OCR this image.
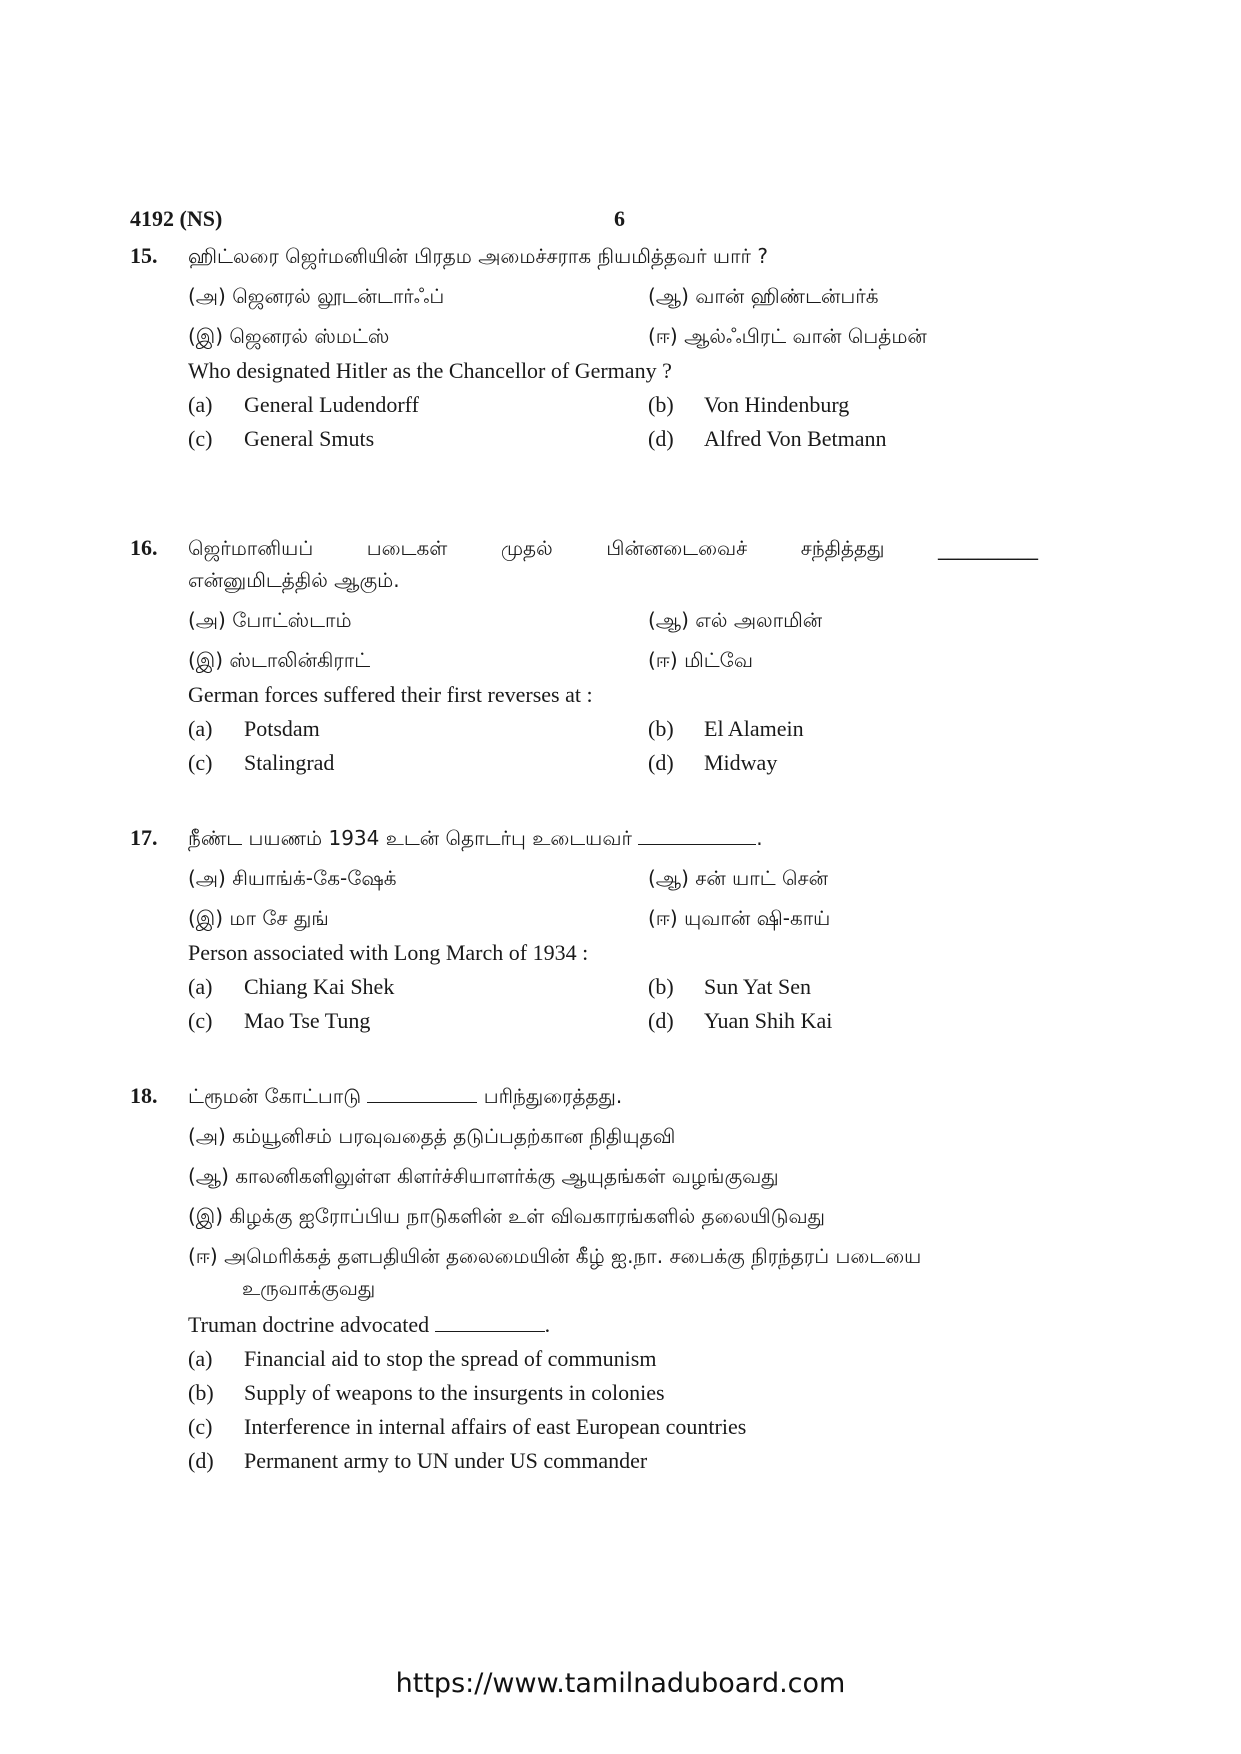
4192 (NS)	6
15. ஹிட்லரை ஜெர்மனியின் பிரதம அமைச்சராக நியமித்தவர் யார் ?
(அ) ஜெனரல் லூடன்டார்ஃப்	(ஆ) வான் ஹிண்டன்பர்க்
(இ) ஜெனரல் ஸ்மட்ஸ்	(ஈ) ஆல்ஃபிரட் வான் பெத்மன்
Who designated Hitler as the Chancellor of Germany ?
(a) General Ludendorff	(b) Von Hindenburg
(c) General Smuts	(d) Alfred Von Betmann
16. ஜெர்மானியப்	படைகள்	முதல்	பின்னடைவைச்	சந்தித்தது	__________
என்னுமிடத்தில் ஆகும்.
(அ) போட்ஸ்டாம்	(ஆ) எல் அலாமின்
(இ) ஸ்டாலின்கிராட்	(ஈ) மிட்வே
German forces suffered their first reverses at :
(a) Potsdam	(b) El Alamein
(c) Stalingrad	(d) Midway
17. நீண்ட பயணம் 1934 உடன் தொடர்பு உடையவர்	.
(அ) சியாங்க்-கே-ஷேக்	(ஆ) சன் யாட் சென்
(இ) மா சே துங்	(ஈ) யுவான் ஷி-காய்
Person associated with Long March of 1934 :
(a) Chiang Kai Shek	(b) Sun Yat Sen
(c) Mao Tse Tung	(d) Yuan Shih Kai
18. ட்ரூமன் கோட்பாடு	பரிந்துரைத்தது.
(அ) கம்யூனிசம் பரவுவதைத் தடுப்பதற்கான நிதியுதவி
(ஆ) காலனிகளிலுள்ள கிளர்ச்சியாளர்க்கு ஆயுதங்கள் வழங்குவது
(இ) கிழக்கு ஐரோப்பிய நாடுகளின் உள் விவகாரங்களில் தலையிடுவது
(ஈ) அமெரிக்கத் தளபதியின் தலைமையின் கீழ் ஐ.நா. சபைக்கு நிரந்தரப் படையை
உருவாக்குவது
Truman doctrine advocated	.
(a) Financial aid to stop the spread of communism
(b) Supply of weapons to the insurgents in colonies
(c) Interference in internal affairs of east European countries
(d) Permanent army to UN under US commander
https://www.tamilnaduboard.com
